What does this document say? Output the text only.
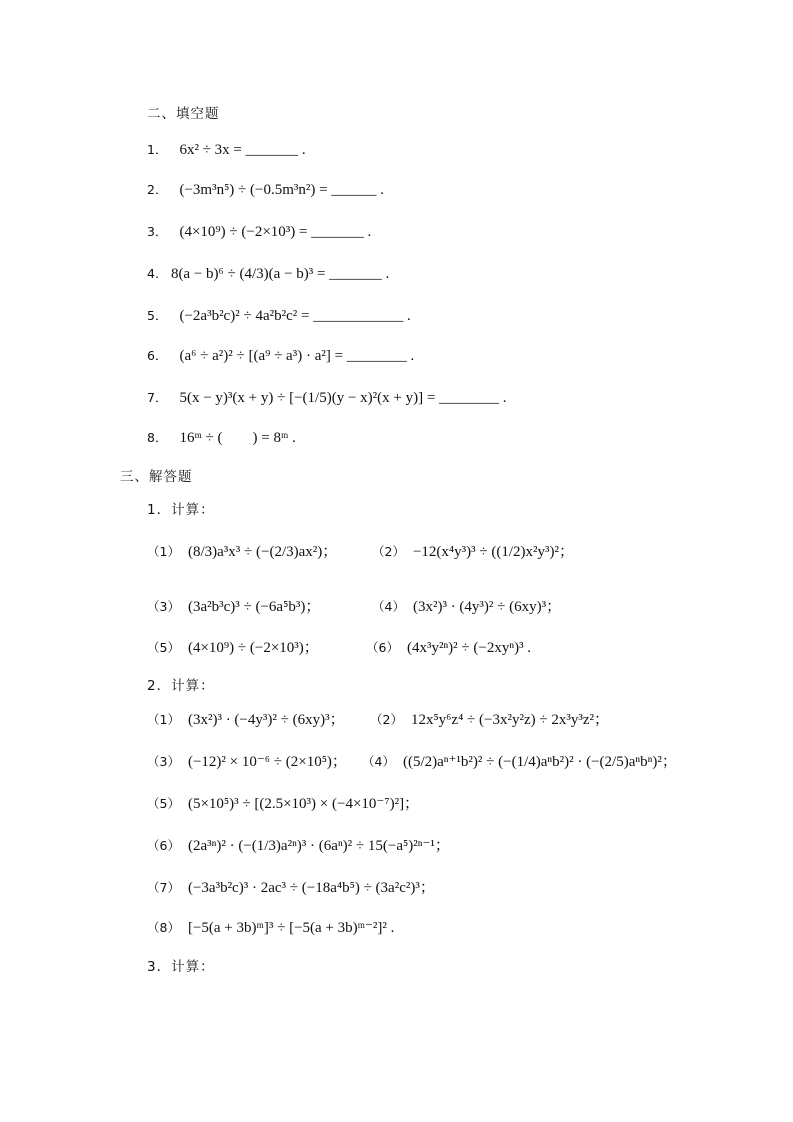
二、填空题
1． 6x² ÷ 3x = _______ .
2． (−3m³n⁵) ÷ (−0.5m³n²) = ______ .
3． (4×10⁹) ÷ (−2×10³) = _______ .
4. 8(a − b)⁶ ÷ (4/3)(a − b)³ = _______ .
5． (−2a³b²c)² ÷ 4a²b²c² = ____________ .
6． (a⁶ ÷ a²)² ÷ [(a⁹ ÷ a³) · a²] = ________ .
7． 5(x − y)³(x + y) ÷ [−(1/5)(y − x)²(x + y)] = ________ .
8． 16ᵐ ÷ (　　) = 8ᵐ .
三、解答题
1．计算：
（1） (8/3)a³x³ ÷ (−(2/3)ax²)；	（2） −12(x⁴y³)³ ÷ ((1/2)x²y³)²；
（3） (3a²b³c)³ ÷ (−6a⁵b³)；	（4） (3x²)³ · (4y³)² ÷ (6xy)³；
（5） (4×10⁹) ÷ (−2×10³)；	（6） (4x³y²ⁿ)² ÷ (−2xyⁿ)³ .
2．计算：
（1） (3x²)³ · (−4y³)² ÷ (6xy)³； （2） 12x⁵y⁶z⁴ ÷ (−3x²y²z) ÷ 2x³y³z²；
（3） (−12)² × 10⁻⁶ ÷ (2×10⁵)； （4） ((5/2)aⁿ⁺¹b²)² ÷ (−(1/4)aⁿb²)² · (−(2/5)aⁿbⁿ)²；
（5） (5×10⁵)³ ÷ [(2.5×10³) × (−4×10⁻⁷)²]；
（6） (2a³ⁿ)² · (−(1/3)a²ⁿ)³ · (6aⁿ)² ÷ 15(−a⁵)²ⁿ⁻¹；
（7） (−3a³b²c)³ · 2ac³ ÷ (−18a⁴b⁵) ÷ (3a²c²)³；
（8） [−5(a + 3b)ᵐ]³ ÷ [−5(a + 3b)ᵐ⁻²]² .
3．计算：
